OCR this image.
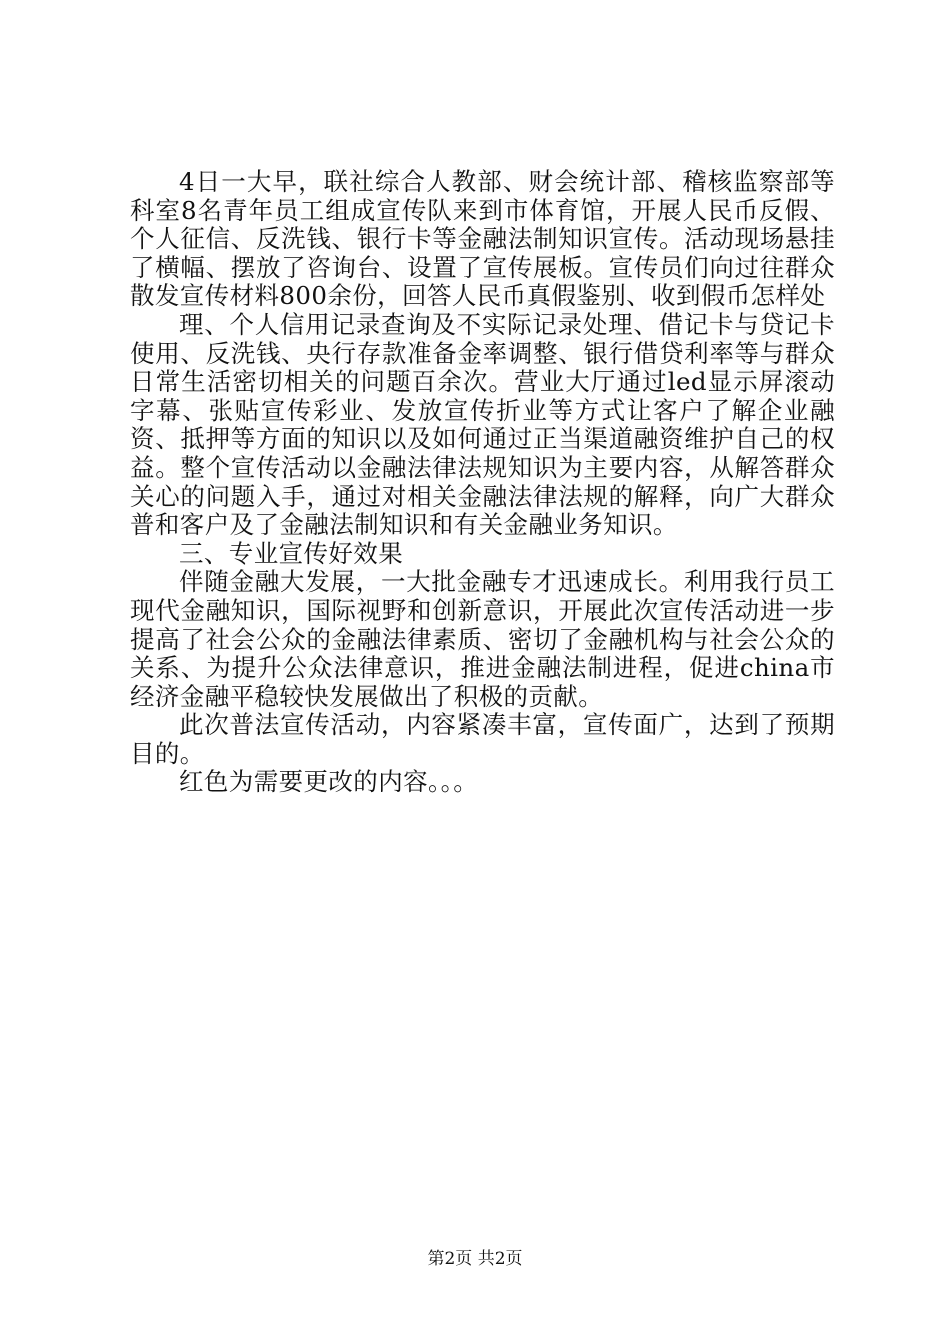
4日一大早，联社综合人教部、财会统计部、稽核监察部等科室8名青年员工组成宣传队来到市体育馆，开展人民币反假、个人征信、反洗钱、银行卡等金融法制知识宣传。活动现场悬挂了横幅、摆放了咨询台、设置了宣传展板。宣传员们向过往群众散发宣传材料800余份，回答人民币真假鉴别、收到假币怎样处

理、个人信用记录查询及不实际记录处理、借记卡与贷记卡使用、反洗钱、央行存款准备金率调整、银行借贷利率等与群众日常生活密切相关的问题百余次。营业大厅通过led显示屏滚动字幕、张贴宣传彩业、发放宣传折业等方式让客户了解企业融资、抵押等方面的知识以及如何通过正当渠道融资维护自己的权益。整个宣传活动以金融法律法规知识为主要内容，从解答群众关心的问题入手，通过对相关金融法律法规的解释，向广大群众普和客户及了金融法制知识和有关金融业务知识。

三、专业宣传好效果

伴随金融大发展，一大批金融专才迅速成长。利用我行员工现代金融知识，国际视野和创新意识，开展此次宣传活动进一步提高了社会公众的金融法律素质、密切了金融机构与社会公众的关系、为提升公众法律意识，推进金融法制进程，促进china市经济金融平稳较快发展做出了积极的贡献。

此次普法宣传活动，内容紧凑丰富，宣传面广，达到了预期目的。

红色为需要更改的内容。。。

第2页 共2页
